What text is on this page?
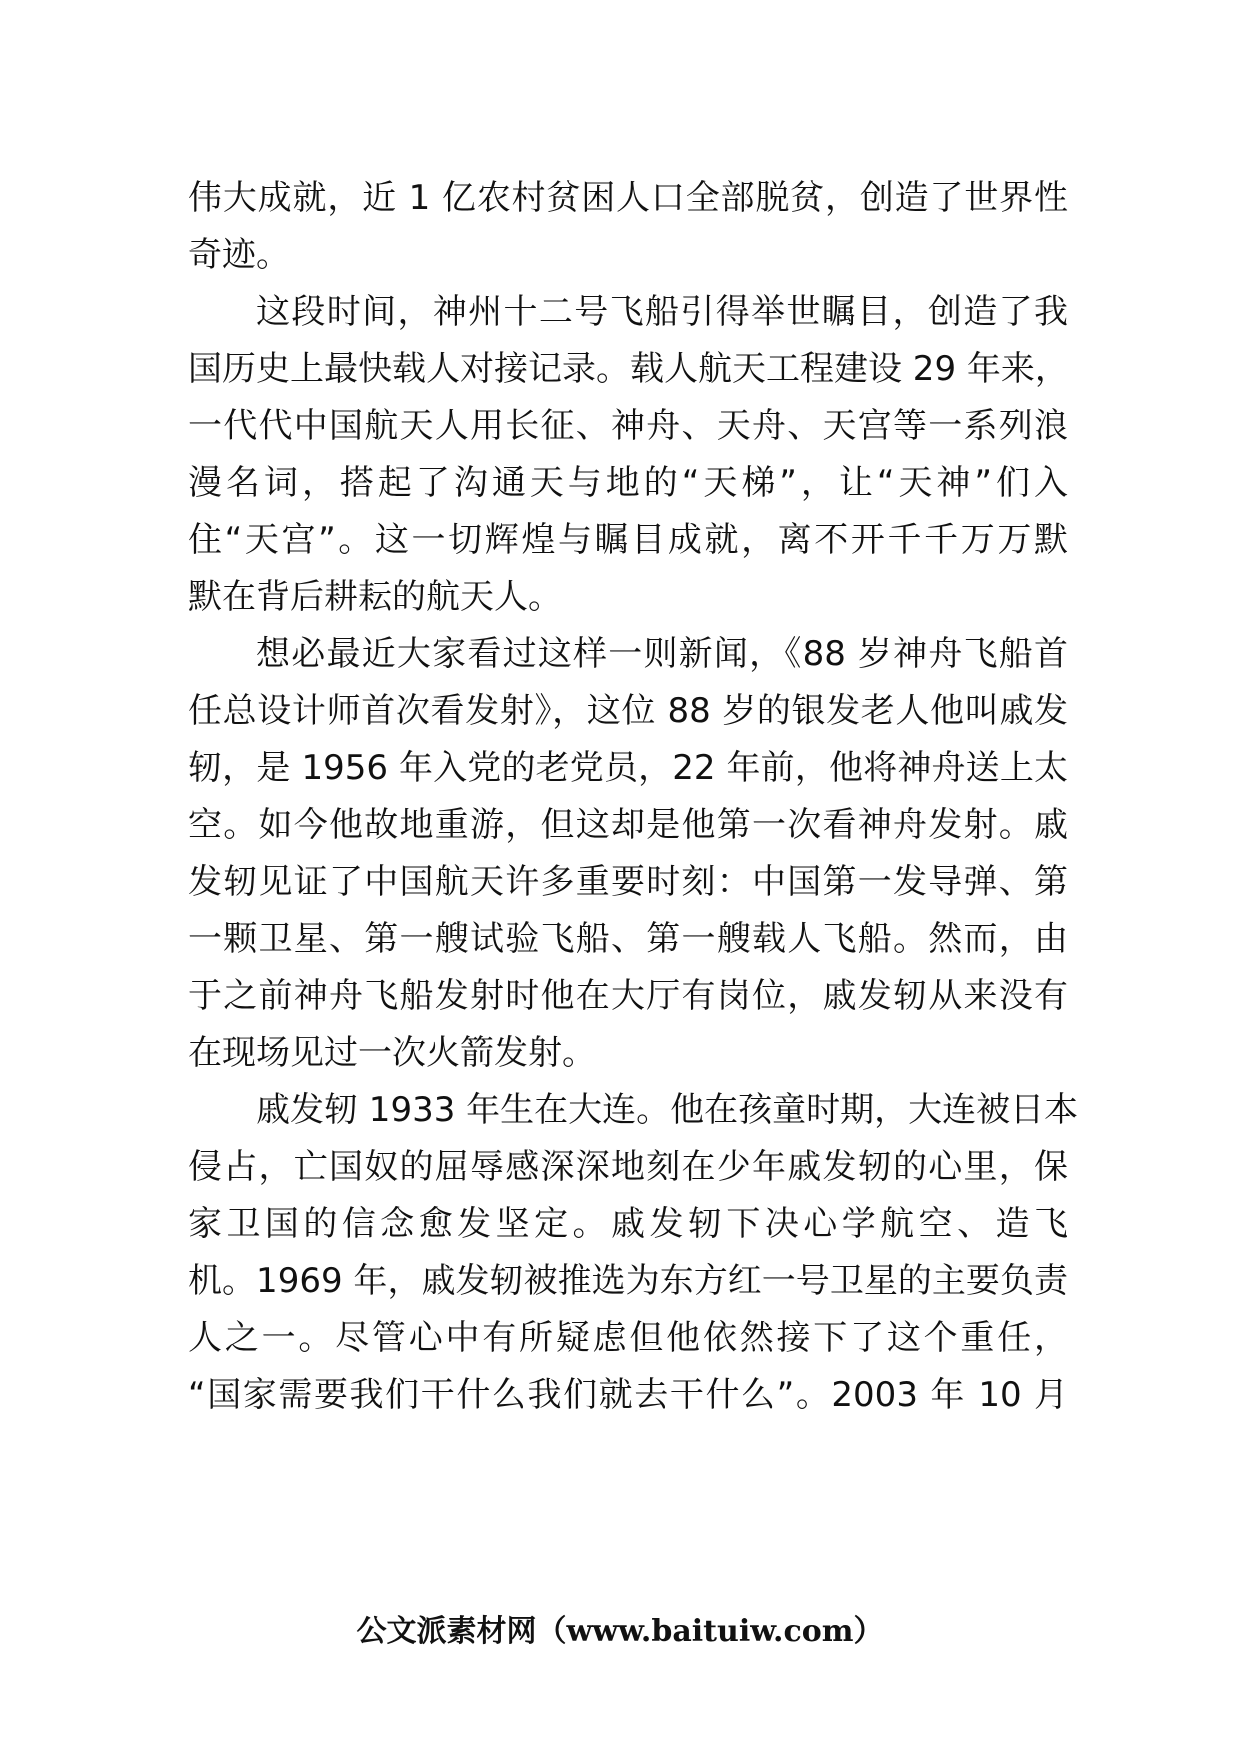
伟大成就，近 1 亿农村贫困人口全部脱贫，创造了世界性
奇迹。
这段时间，神州十二号飞船引得举世瞩目，创造了我
国历史上最快载人对接记录。载人航天工程建设 29 年来，
一代代中国航天人用长征、神舟、天舟、天宫等一系列浪
漫名词，搭起了沟通天与地的“天梯”，让“天神”们入
住“天宫”。这一切辉煌与瞩目成就，离不开千千万万默
默在背后耕耘的航天人。
想必最近大家看过这样一则新闻，《88 岁神舟飞船首
任总设计师首次看发射》，这位 88 岁的银发老人他叫戚发
轫，是 1956 年入党的老党员，22 年前，他将神舟送上太
空。如今他故地重游，但这却是他第一次看神舟发射。戚
发轫见证了中国航天许多重要时刻：中国第一发导弹、第
一颗卫星、第一艘试验飞船、第一艘载人飞船。然而，由
于之前神舟飞船发射时他在大厅有岗位，戚发轫从来没有
在现场见过一次火箭发射。
戚发轫 1933 年生在大连。他在孩童时期，大连被日本
侵占，亡国奴的屈辱感深深地刻在少年戚发轫的心里，保
家卫国的信念愈发坚定。戚发轫下决心学航空、造飞
机。1969 年，戚发轫被推选为东方红一号卫星的主要负责
人之一。尽管心中有所疑虑但他依然接下了这个重任，
“国家需要我们干什么我们就去干什么”。2003 年 10 月
公文派素材网（www.baituiw.com）
